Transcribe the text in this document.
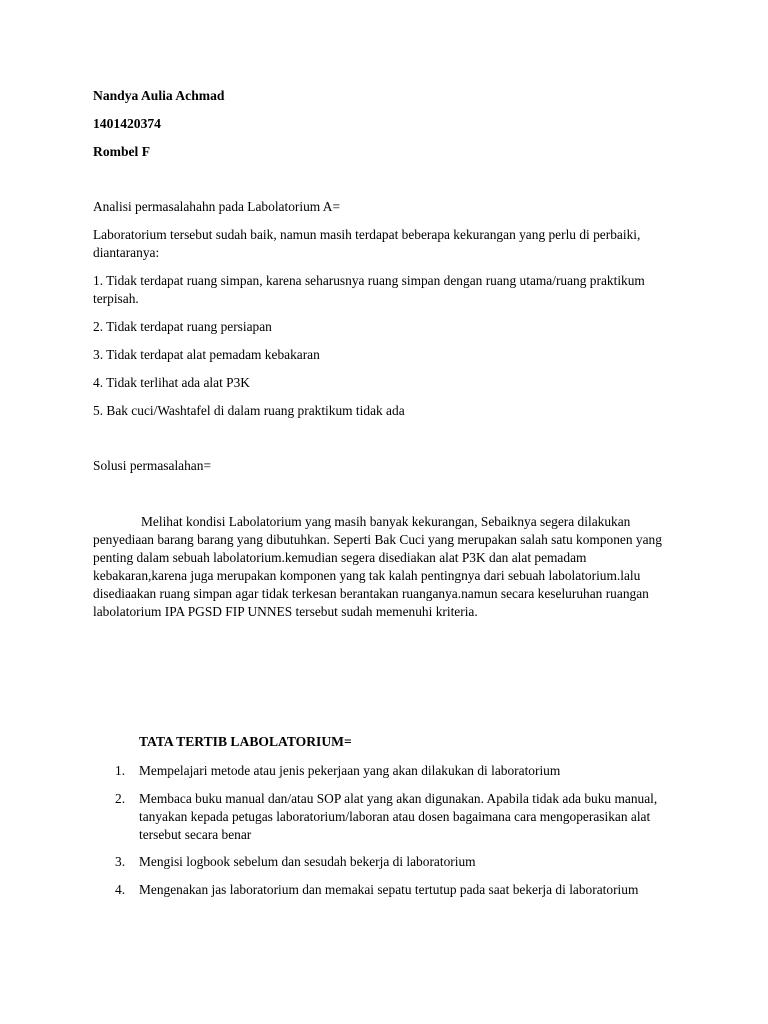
Nandya Aulia Achmad
1401420374
Rombel F
Analisi permasalahahn pada Labolatorium A=

Laboratorium tersebut sudah baik, namun masih terdapat beberapa kekurangan yang perlu di perbaiki, diantaranya:

1. Tidak terdapat ruang simpan, karena seharusnya ruang simpan dengan ruang utama/ruang praktikum terpisah.

2. Tidak terdapat ruang persiapan
3. Tidak terdapat alat pemadam kebakaran
4. Tidak terlihat ada alat P3K
5. Bak cuci/Washtafel di dalam ruang praktikum tidak ada
Solusi permasalahan=

Melihat kondisi Labolatorium yang masih banyak kekurangan, Sebaiknya segera dilakukan penyediaan barang barang yang dibutuhkan. Seperti Bak Cuci yang merupakan salah satu komponen yang penting dalam sebuah labolatorium.kemudian segera disediakan alat P3K dan alat pemadam kebakaran,karena juga merupakan komponen yang tak kalah pentingnya dari sebuah labolatorium.lalu disediaakan ruang simpan agar tidak terkesan berantakan ruanganya.namun secara keseluruhan ruangan labolatorium IPA PGSD FIP UNNES tersebut sudah memenuhi kriteria.

TATA TERTIB LABOLATORIUM=
1.	Mempelajari metode atau jenis pekerjaan yang akan dilakukan di laboratorium
2.	Membaca buku manual dan/atau SOP alat yang akan digunakan. Apabila tidak ada buku manual, tanyakan kepada petugas laboratorium/laboran atau dosen bagaimana cara mengoperasikan alat tersebut secara benar
3.	Mengisi logbook sebelum dan sesudah bekerja di laboratorium
4.	Mengenakan jas laboratorium dan memakai sepatu tertutup pada saat bekerja di laboratorium
